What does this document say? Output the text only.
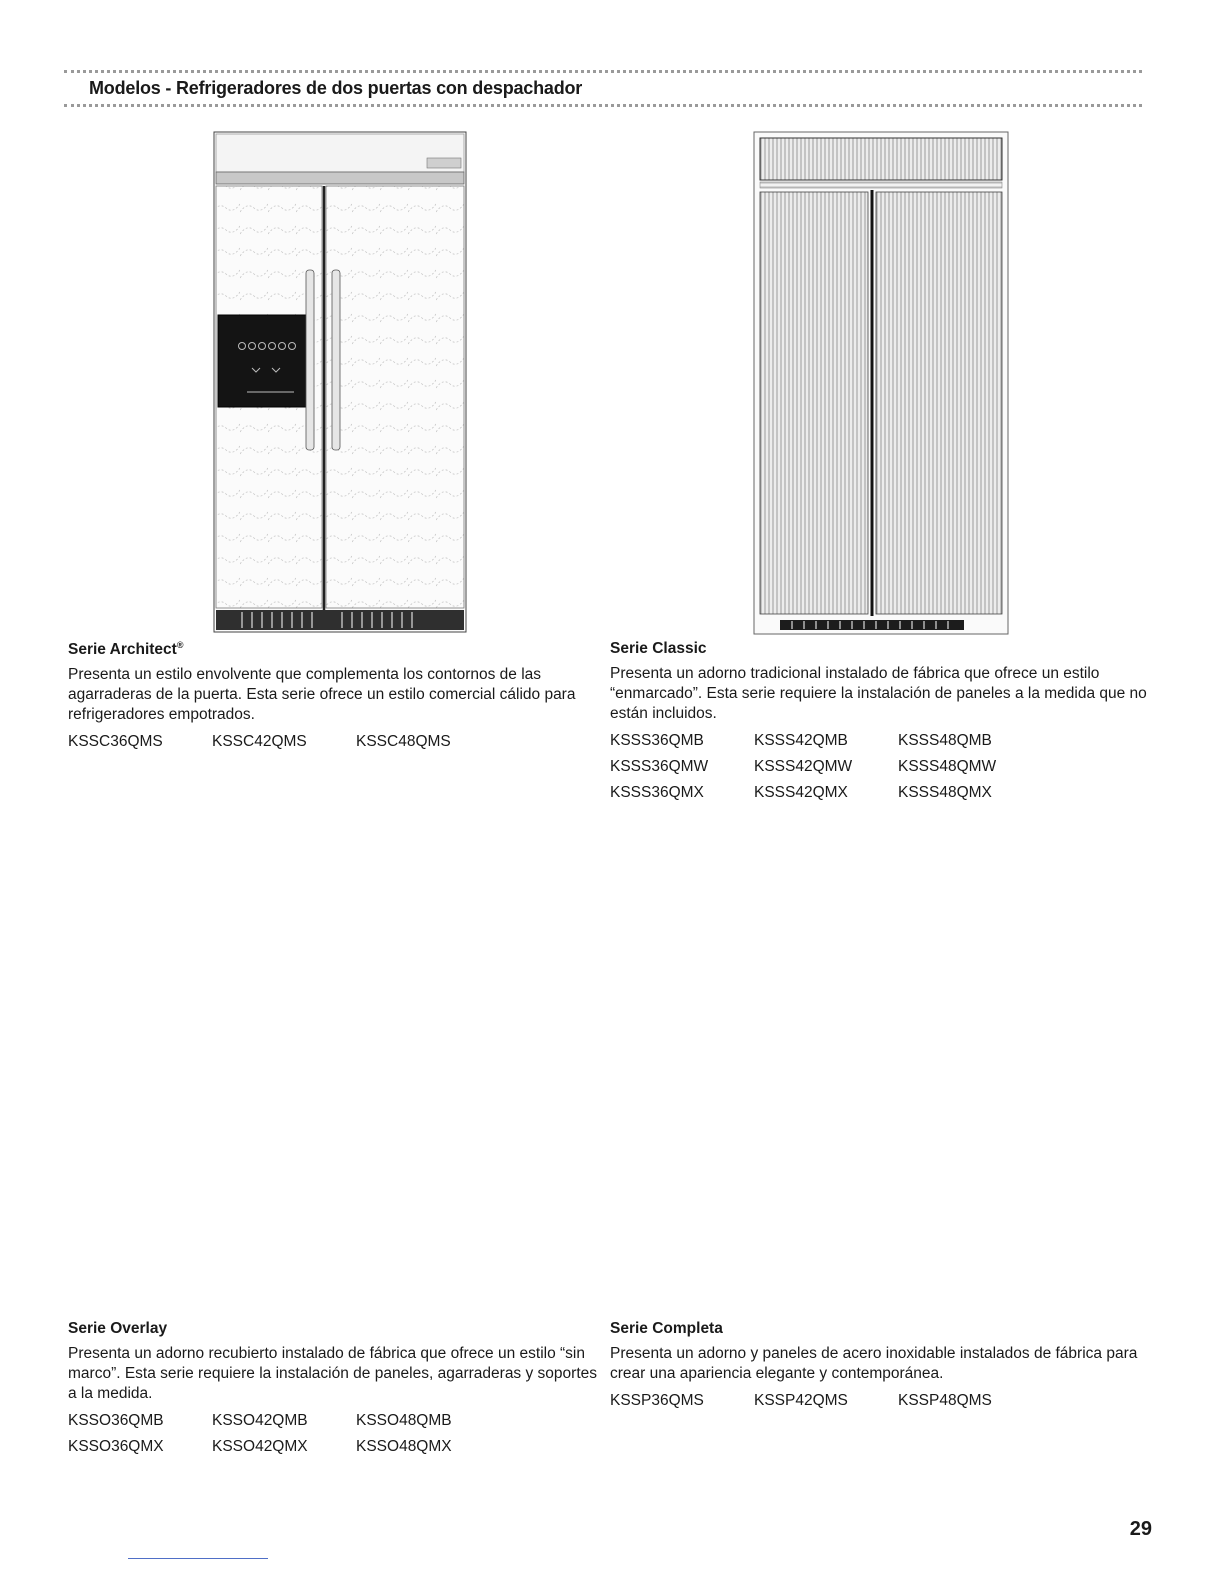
Modelos - Refrigeradores de dos puertas con despachador

Serie Architect®

Presenta un estilo envolvente que complementa los contornos de las agarraderas de la puerta. Esta serie ofrece un estilo comercial cálido para refrigeradores empotrados.

KSSC36QMS	KSSC42QMS	KSSC48QMS

Serie Classic

Presenta un adorno tradicional instalado de fábrica que ofrece un estilo “enmarcado”. Esta serie requiere la instalación de paneles a la medida que no están incluidos.

KSSS36QMB	KSSS42QMB	KSSS48QMB
KSSS36QMW	KSSS42QMW	KSSS48QMW
KSSS36QMX	KSSS42QMX	KSSS48QMX

Serie Overlay

Presenta un adorno recubierto instalado de fábrica que ofrece un estilo “sin marco”. Esta serie requiere la instalación de paneles, agarraderas y soportes a la medida.

KSSO36QMB	KSSO42QMB	KSSO48QMB
KSSO36QMX	KSSO42QMX	KSSO48QMX

Serie Completa

Presenta un adorno y paneles de acero inoxidable instalados de fábrica para crear una apariencia elegante y contemporánea.

KSSP36QMS	KSSP42QMS	KSSP48QMS
29
